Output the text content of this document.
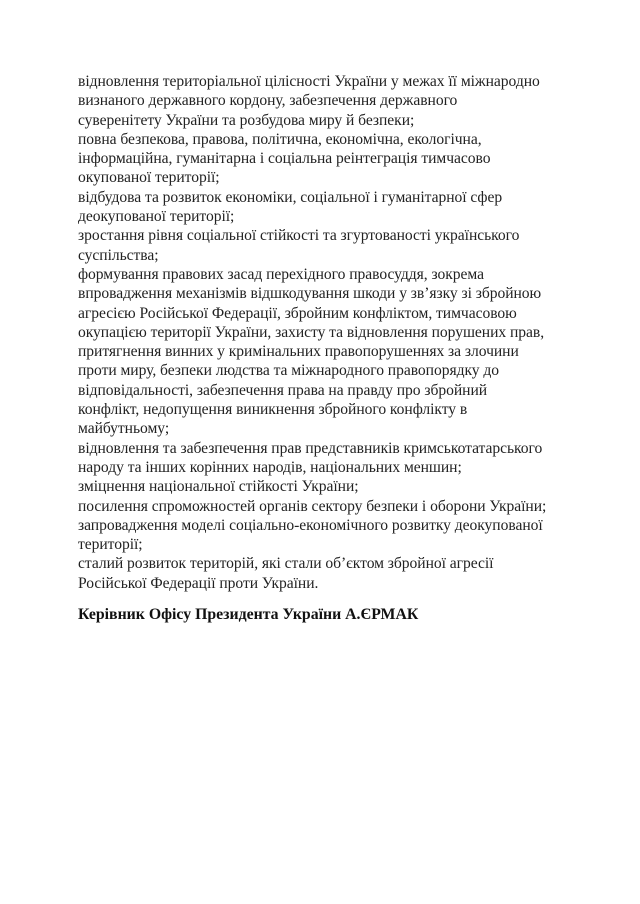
відновлення територіальної цілісності України у межах її міжнародно
визнаного державного кордону, забезпечення державного
суверенітету України та розбудова миру й безпеки;
повна безпекова, правова, політична, економічна, екологічна,
інформаційна, гуманітарна і соціальна реінтеграція тимчасово
окупованої території;
відбудова та розвиток економіки, соціальної і гуманітарної сфер
деокупованої території;
зростання рівня соціальної стійкості та згуртованості українського
суспільства;
формування правових засад перехідного правосуддя, зокрема
впровадження механізмів відшкодування шкоди у зв’язку зі збройною
агресією Російської Федерації, збройним конфліктом, тимчасовою
окупацією території України, захисту та відновлення порушених прав,
притягнення винних у кримінальних правопорушеннях за злочини
проти миру, безпеки людства та міжнародного правопорядку до
відповідальності, забезпечення права на правду про збройний
конфлікт, недопущення виникнення збройного конфлікту в
майбутньому;
відновлення та забезпечення прав представників кримськотатарського
народу та інших корінних народів, національних меншин;
зміцнення національної стійкості України;
посилення спроможностей органів сектору безпеки і оборони України;
запровадження моделі соціально-економічного розвитку деокупованої
території;
сталий розвиток територій, які стали об’єктом збройної агресії
Російської Федерації проти України.
Керівник Офісу Президента України А.ЄРМАК
